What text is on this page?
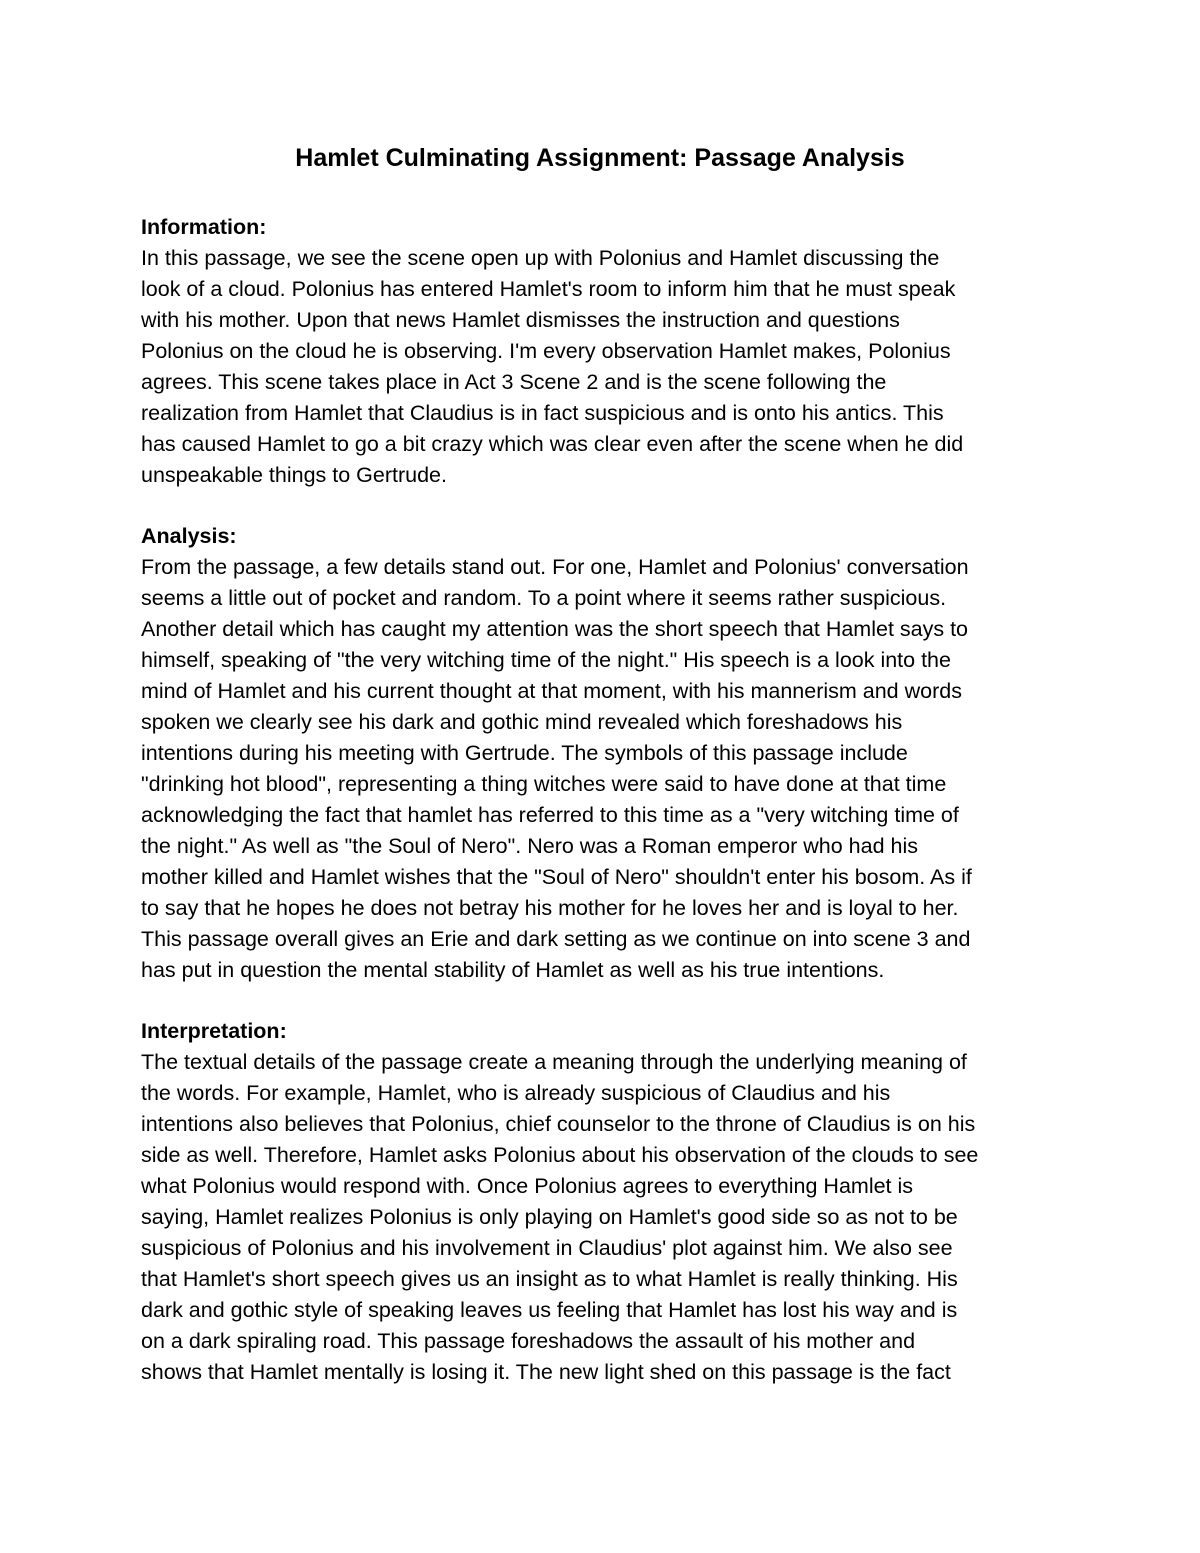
Hamlet Culminating Assignment: Passage Analysis
Information:
In this passage, we see the scene open up with Polonius and Hamlet discussing the
look of a cloud. Polonius has entered Hamlet's room to inform him that he must speak
with his mother. Upon that news Hamlet dismisses the instruction and questions
Polonius on the cloud he is observing. I'm every observation Hamlet makes, Polonius
agrees. This scene takes place in Act 3 Scene 2 and is the scene following the
realization from Hamlet that Claudius is in fact suspicious and is onto his antics. This
has caused Hamlet to go a bit crazy which was clear even after the scene when he did
unspeakable things to Gertrude.
Analysis:
From the passage, a few details stand out. For one, Hamlet and Polonius' conversation
seems a little out of pocket and random. To a point where it seems rather suspicious.
Another detail which has caught my attention was the short speech that Hamlet says to
himself, speaking of "the very witching time of the night." His speech is a look into the
mind of Hamlet and his current thought at that moment, with his mannerism and words
spoken we clearly see his dark and gothic mind revealed which foreshadows his
intentions during his meeting with Gertrude. The symbols of this passage include
"drinking hot blood", representing a thing witches were said to have done at that time
acknowledging the fact that hamlet has referred to this time as a "very witching time of
the night." As well as "the Soul of Nero". Nero was a Roman emperor who had his
mother killed and Hamlet wishes that the "Soul of Nero" shouldn't enter his bosom. As if
to say that he hopes he does not betray his mother for he loves her and is loyal to her.
This passage overall gives an Erie and dark setting as we continue on into scene 3 and
has put in question the mental stability of Hamlet as well as his true intentions.
Interpretation:
The textual details of the passage create a meaning through the underlying meaning of
the words. For example, Hamlet, who is already suspicious of Claudius and his
intentions also believes that Polonius, chief counselor to the throne of Claudius is on his
side as well. Therefore, Hamlet asks Polonius about his observation of the clouds to see
what Polonius would respond with. Once Polonius agrees to everything Hamlet is
saying, Hamlet realizes Polonius is only playing on Hamlet's good side so as not to be
suspicious of Polonius and his involvement in Claudius' plot against him. We also see
that Hamlet's short speech gives us an insight as to what Hamlet is really thinking. His
dark and gothic style of speaking leaves us feeling that Hamlet has lost his way and is
on a dark spiraling road. This passage foreshadows the assault of his mother and
shows that Hamlet mentally is losing it. The new light shed on this passage is the fact
